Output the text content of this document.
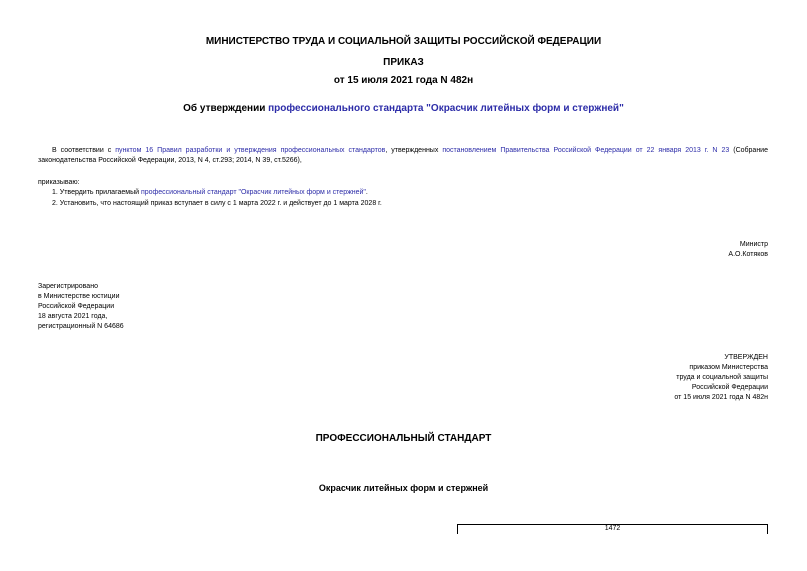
МИНИСТЕРСТВО ТРУДА И СОЦИАЛЬНОЙ ЗАЩИТЫ РОССИЙСКОЙ ФЕДЕРАЦИИ
ПРИКАЗ
от 15 июля 2021 года N 482н
Об утверждении профессионального стандарта "Окрасчик литейных форм и стержней"
В соответствии с пунктом 16 Правил разработки и утверждения профессиональных стандартов, утвержденных постановлением Правительства Российской Федерации от 22 января 2013 г. N 23 (Собрание законодательства Российской Федерации, 2013, N 4, ст.293; 2014, N 39, ст.5266),
приказываю:
1. Утвердить прилагаемый профессиональный стандарт "Окрасчик литейных форм и стержней".
2. Установить, что настоящий приказ вступает в силу с 1 марта 2022 г. и действует до 1 марта 2028 г.
Министр
А.О.Котяков
Зарегистрировано
в Министерстве юстиции
Российской Федерации
18 августа 2021 года,
регистрационный N 64686
УТВЕРЖДЕН
приказом Министерства
труда и социальной защиты
Российской Федерации
от 15 июля 2021 года N 482н
ПРОФЕССИОНАЛЬНЫЙ СТАНДАРТ
Окрасчик литейных форм и стержней
1472
